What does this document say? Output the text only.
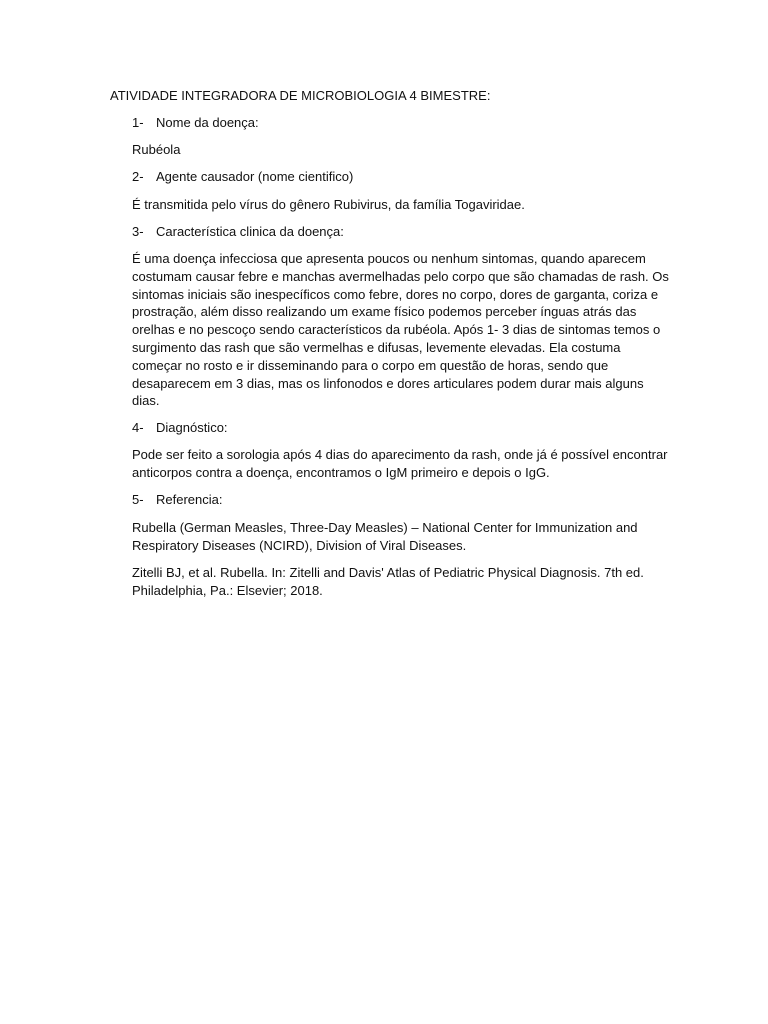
ATIVIDADE INTEGRADORA DE MICROBIOLOGIA 4 BIMESTRE:
1- Nome da doença:
Rubéola
2- Agente causador (nome cientifico)
É transmitida pelo vírus do gênero Rubivirus, da família Togaviridae.
3- Característica clinica da doença:
É uma doença infecciosa que apresenta poucos ou nenhum sintomas, quando aparecem costumam causar febre e manchas avermelhadas pelo corpo que são chamadas de rash. Os sintomas iniciais são inespecíficos como febre, dores no corpo, dores de garganta, coriza e prostração, além disso realizando um exame físico podemos perceber ínguas atrás das orelhas e no pescoço sendo característicos da rubéola. Após 1- 3 dias de sintomas temos o surgimento das rash que são vermelhas e difusas, levemente elevadas. Ela costuma começar no rosto e ir disseminando para o corpo em questão de horas, sendo que desaparecem em 3 dias, mas os linfonodos e dores articulares podem durar mais alguns dias.
4- Diagnóstico:
Pode ser feito a sorologia após 4 dias do aparecimento da rash, onde já é possível encontrar anticorpos contra a doença, encontramos o IgM primeiro e depois o IgG.
5- Referencia:
Rubella (German Measles, Three-Day Measles) – National Center for Immunization and Respiratory Diseases (NCIRD), Division of Viral Diseases.
Zitelli BJ, et al. Rubella. In: Zitelli and Davis' Atlas of Pediatric Physical Diagnosis. 7th ed. Philadelphia, Pa.: Elsevier; 2018.
